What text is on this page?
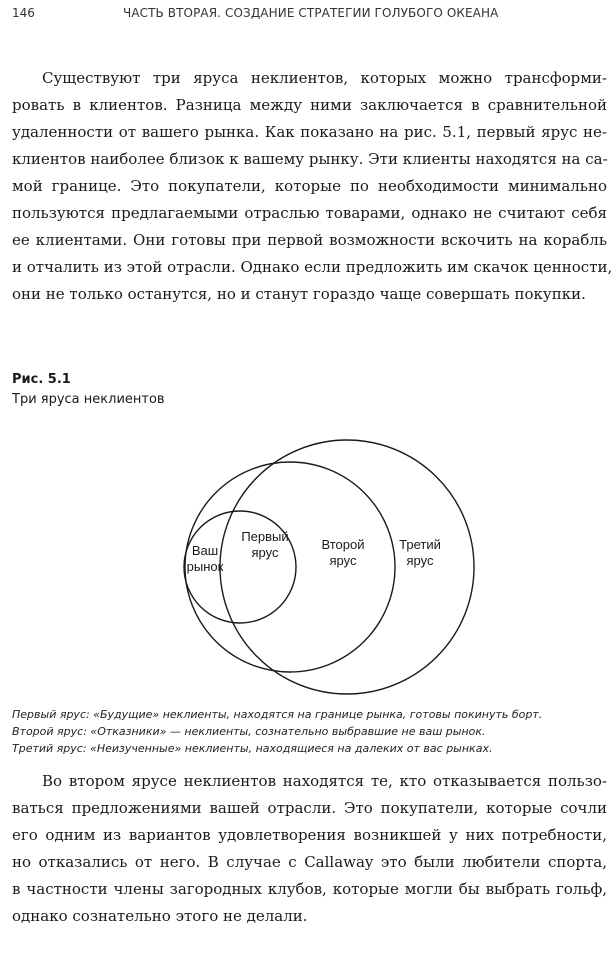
146	ЧАСТЬ ВТОРАЯ. СОЗДАНИЕ СТРАТЕГИИ ГОЛУБОГО ОКЕАНА
Существуют три яруса неклиентов, которых можно трансформи-
ровать в клиентов. Разница между ними заключается в сравнительной
удаленности от вашего рынка. Как показано на рис. 5.1, первый ярус не-
клиентов наиболее близок к вашему рынку. Эти клиенты находятся на са-
мой границе. Это покупатели, которые по необходимости минимально
пользуются предлагаемыми отраслью товарами, однако не считают себя
ее клиентами. Они готовы при первой возможности вскочить на корабль
и отчалить из этой отрасли. Однако если предложить им скачок ценности,
они не только останутся, но и станут гораздо чаще совершать покупки.
Рис. 5.1
Три яруса неклиентов
Ваш
рынок
Первый
ярус
Второй
ярус
Третий
ярус
Первый ярус: «Будущие» неклиенты, находятся на границе рынка, готовы покинуть борт.
Второй ярус: «Отказники» — неклиенты, сознательно выбравшие не ваш рынок.
Третий ярус: «Неизученные» неклиенты, находящиеся на далеких от вас рынках.
Во втором ярусе неклиентов находятся те, кто отказывается пользо-
ваться предложениями вашей отрасли. Это покупатели, которые сочли
его одним из вариантов удовлетворения возникшей у них потребности,
но отказались от него. В случае с Callaway это были любители спорта,
в частности члены загородных клубов, которые могли бы выбрать гольф,
однако сознательно этого не делали.
